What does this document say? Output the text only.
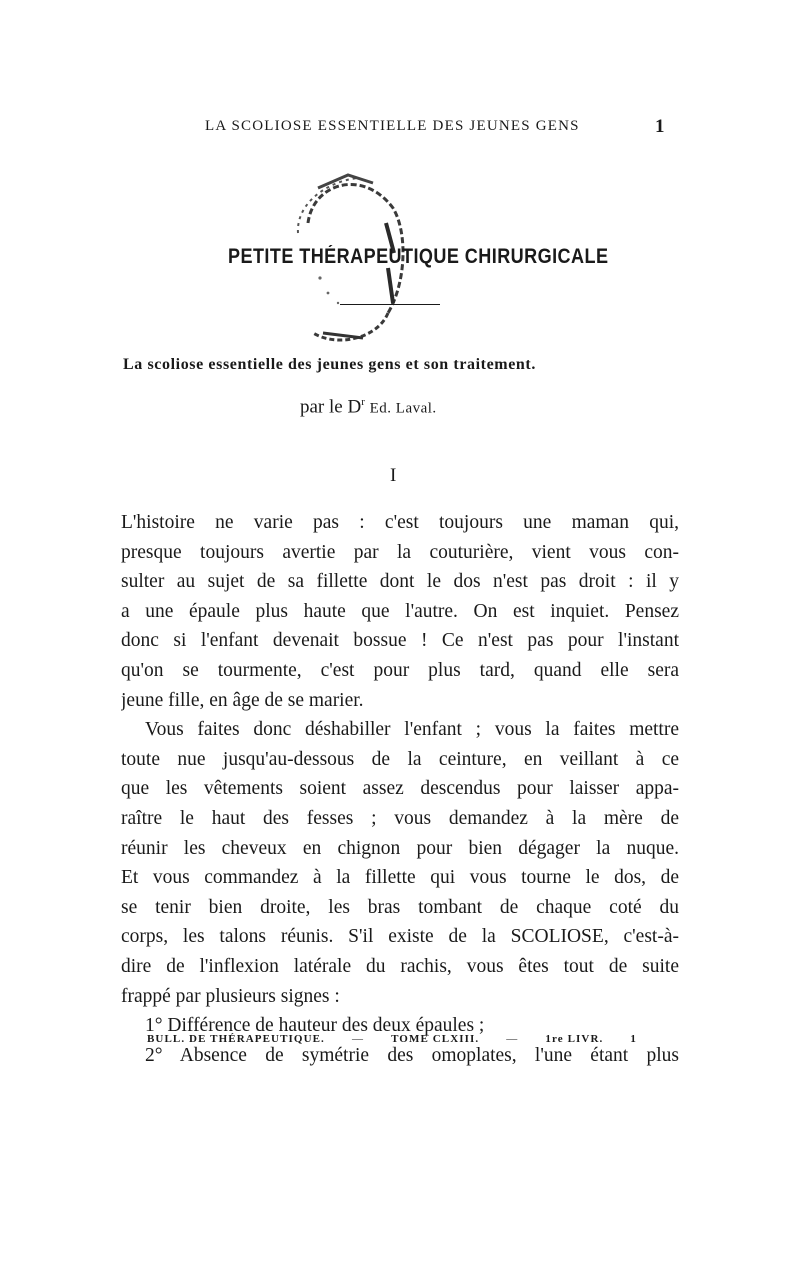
LA SCOLIOSE ESSENTIELLE DES JEUNES GENS	1
PETITE THÉRAPEUTIQUE CHIRURGICALE
La scoliose essentielle des jeunes gens et son traitement.
par le $D^r$ Ed. Laval.
I
L'histoire ne varie pas : c'est toujours une maman qui,
presque toujours avertie par la couturière, vient vous con-
sulter au sujet de sa fillette dont le dos n'est pas droit : il y
a une épaule plus haute que l'autre. On est inquiet. Pensez
donc si l'enfant devenait bossue ! Ce n'est pas pour l'instant
qu'on se tourmente, c'est pour plus tard, quand elle sera
jeune fille, en âge de se marier.
Vous faites donc déshabiller l'enfant ; vous la faites mettre
toute nue jusqu'au-dessous de la ceinture, en veillant à ce
que les vêtements soient assez descendus pour laisser appa-
raître le haut des fesses ; vous demandez à la mère de
réunir les cheveux en chignon pour bien dégager la nuque.
Et vous commandez à la fillette qui vous tourne le dos, de
se tenir bien droite, les bras tombant de chaque coté du
corps, les talons réunis. S'il existe de la SCOLIOSE, c'est-à-
dire de l'inflexion latérale du rachis, vous êtes tout de suite
frappé par plusieurs signes :
1° Différence de hauteur des deux épaules ;
2° Absence de symétrie des omoplates, l'une étant plus
BULL. DE THÉRAPEUTIQUE. — TOME CLXIII. — 1re LIVR. 1
